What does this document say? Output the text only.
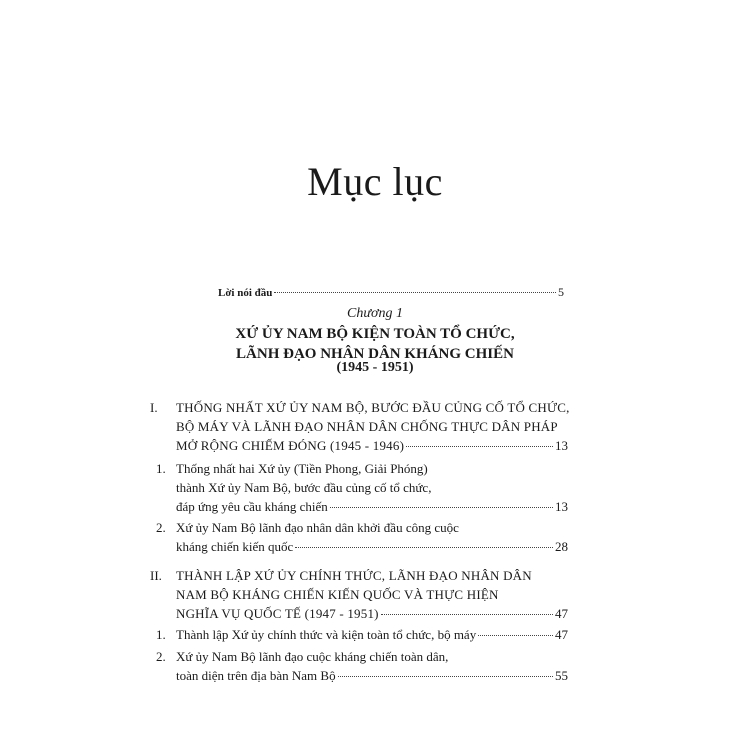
Mục lục
Lời nói đầu	5
Chương 1
XỨ ỦY NAM BỘ KIỆN TOÀN TỔ CHỨC,
LÃNH ĐẠO NHÂN DÂN KHÁNG CHIẾN
(1945 - 1951)
I. THỐNG NHẤT XỨ ỦY NAM BỘ, BƯỚC ĐẦU CỦNG CỐ TỔ CHỨC,
BỘ MÁY VÀ LÃNH ĐẠO NHÂN DÂN CHỐNG THỰC DÂN PHÁP
MỞ RỘNG CHIẾM ĐÓNG (1945 - 1946)	13
1. Thống nhất hai Xứ ủy (Tiền Phong, Giải Phóng)
thành Xứ ủy Nam Bộ, bước đầu củng cố tổ chức,
đáp ứng yêu cầu kháng chiến	13
2. Xứ ủy Nam Bộ lãnh đạo nhân dân khởi đầu công cuộc
kháng chiến kiến quốc	28
II. THÀNH LẬP XỨ ỦY CHÍNH THỨC, LÃNH ĐẠO NHÂN DÂN
NAM BỘ KHÁNG CHIẾN KIẾN QUỐC VÀ THỰC HIỆN
NGHĨA VỤ QUỐC TẾ (1947 - 1951)	47
1. Thành lập Xứ ủy chính thức và kiện toàn tổ chức, bộ máy	47
2. Xứ ủy Nam Bộ lãnh đạo cuộc kháng chiến toàn dân,
toàn diện trên địa bàn Nam Bộ	55
